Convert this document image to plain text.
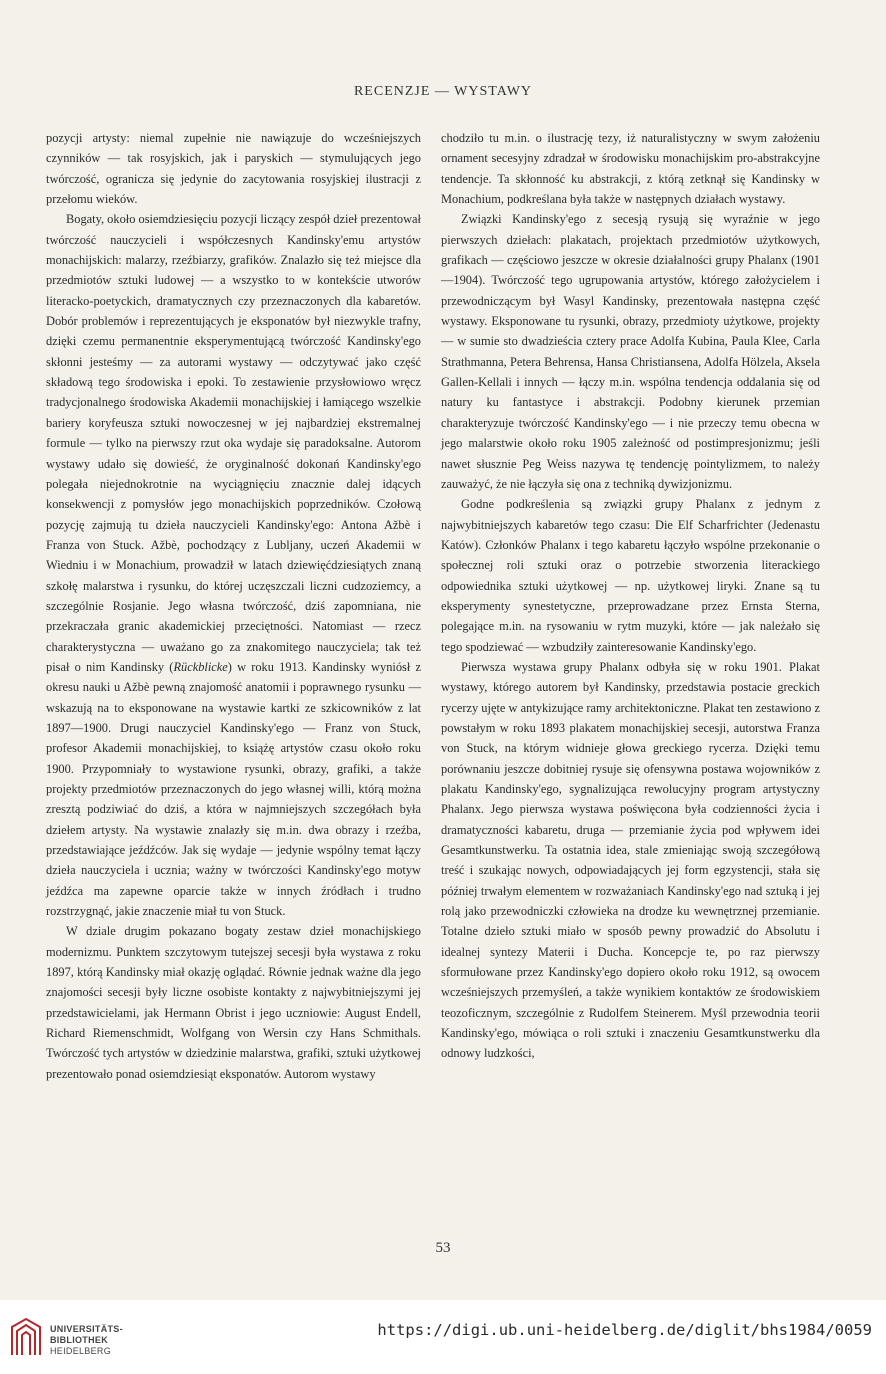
RECENZJE — WYSTAWY

pozycji artysty: niemal zupełnie nie nawiązuje do wcześniejszych czynników — tak rosyjskich, jak i paryskich — stymulujących jego twórczość, ogranicza się jedynie do zacytowania rosyjskiej ilustracji z przełomu wieków.

Bogaty, około osiemdziesięciu pozycji liczący zespół dzieł prezentował twórczość nauczycieli i współczesnych Kandinsky'emu artystów monachijskich: malarzy, rzeźbiarzy, grafików. Znalazło się też miejsce dla przedmiotów sztuki ludowej — a wszystko to w kontekście utworów literacko-poetyckich, dramatycznych czy przeznaczonych dla kabaretów. Dobór problemów i reprezentujących je eksponatów był niezwykle trafny, dzięki czemu permanentnie eksperymentującą twórczość Kandinsky'ego skłonni jesteśmy — za autorami wystawy — odczytywać jako część składową tego środowiska i epoki. To zestawienie przysłowiowo wręcz tradycjonalnego środowiska Akademii monachijskiej i łamiącego wszelkie bariery koryfeusza sztuki nowoczesnej w jej najbardziej ekstremalnej formule — tylko na pierwszy rzut oka wydaje się paradoksalne. Autorom wystawy udało się dowieść, że oryginalność dokonań Kandinsky'ego polegała niejednokrotnie na wyciągnięciu znacznie dalej idących konsekwencji z pomysłów jego monachijskich poprzedników. Czołową pozycję zajmują tu dzieła nauczycieli Kandinsky'ego: Antona Ažbè i Franza von Stuck. Ažbè, pochodzący z Lublјany, uczeń Akademii w Wiedniu i w Monachium, prowadził w latach dziewięćdziesiątych znaną szkołę malarstwa i rysunku, do której uczęszczali liczni cudzoziemcy, a szczególnie Rosjanie. Jego własna twórczość, dziś zapomniana, nie przekraczała granic akademickiej przeciętności. Natomiast — rzecz charakterystyczna — uważano go za znakomitego nauczyciela; tak też pisał o nim Kandinsky (Rückblicke) w roku 1913. Kandinsky wyniósł z okresu nauki u Ažbè pewną znajomość anatomii i poprawnego rysunku — wskazują na to eksponowane na wystawie kartki ze szkicowników z lat 1897—1900. Drugi nauczyciel Kandinsky'ego — Franz von Stuck, profesor Akademii monachijskiej, to książę artystów czasu około roku 1900. Przypomniały to wystawione rysunki, obrazy, grafiki, a także projekty przedmiotów przeznaczonych do jego własnej willi, którą można zresztą podziwiać do dziś, a która w najmniejszych szczegółach była dziełem artysty. Na wystawie znalazły się m.in. dwa obrazy i rzeźba, przedstawiające jeźdźców. Jak się wydaje — jedynie wspólny temat łączy dzieła nauczyciela i ucznia; ważny w twórczości Kandinsky'ego motyw jeźdźca ma zapewne oparcie także w innych źródłach i trudno rozstrzygnąć, jakie znaczenie miał tu von Stuck.

W dziale drugim pokazano bogaty zestaw dzieł monachijskiego modernizmu. Punktem szczytowym tutejszej secesji była wystawa z roku 1897, którą Kandinsky miał okazję oglądać. Równie jednak ważne dla jego znajomości secesji były liczne osobiste kontakty z najwybitniejszymi jej przedstawicielami, jak Hermann Obrist i jego uczniowie: August Endell, Richard Riemenschmidt, Wolfgang von Wersin czy Hans Schmithals. Twórczość tych artystów w dziedzinie malarstwa, grafiki, sztuki użytkowej prezentowało ponad osiemdziesiąt eksponatów. Autorom wystawy

chodziło tu m.in. o ilustrację tezy, iż naturalistyczny w swym założeniu ornament secesyjny zdradzał w środowisku monachijskim pro-abstrakcyjne tendencje. Ta skłonność ku abstrakcji, z którą zetknął się Kandinsky w Monachium, podkreślana była także w następnych działach wystawy.

Związki Kandinsky'ego z secesją rysują się wyraźnie w jego pierwszych dziełach: plakatach, projektach przedmiotów użytkowych, grafikach — częściowo jeszcze w okresie działalności grupy Phalanx (1901—1904). Twórczość tego ugrupowania artystów, którego założycielem i przewodniczącym był Wasyl Kandinsky, prezentowała następna część wystawy. Eksponowane tu rysunki, obrazy, przedmioty użytkowe, projekty — w sumie sto dwadzieścia cztery prace Adolfa Kubina, Paula Klee, Carla Strathmanna, Petera Behrensa, Hansa Christiansena, Adolfa Hölzela, Aksela Gallen-Kellali i innych — łączy m.in. wspólna tendencja oddalania się od natury ku fantastyce i abstrakcji. Podobny kierunek przemian charakteryzuje twórczość Kandinsky'ego — i nie przeczy temu obecna w jego malarstwie około roku 1905 zależność od postimpresjonizmu; jeśli nawet słusznie Peg Weiss nazywa tę tendencję pointylizmem, to należy zauważyć, że nie łączyła się ona z techniką dywizjonizmu.

Godne podkreślenia są związki grupy Phalanx z jednym z najwybitniejszych kabaretów tego czasu: Die Elf Scharfrichter (Jedenastu Katów). Członków Phalanx i tego kabaretu łączyło wspólne przekonanie o społecznej roli sztuki oraz o potrzebie stworzenia literackiego odpowiednika sztuki użytkowej — np. użytkowej liryki. Znane są tu eksperymenty synestetyczne, przeprowadzane przez Ernsta Sterna, polegające m.in. na rysowaniu w rytm muzyki, które — jak należało się tego spodziewać — wzbudziły zainteresowanie Kandinsky'ego.

Pierwsza wystawa grupy Phalanx odbyła się w roku 1901. Plakat wystawy, którego autorem był Kandinsky, przedstawia postacie greckich rycerzy ujęte w antykizujące ramy architektoniczne. Plakat ten zestawiono z powstałym w roku 1893 plakatem monachijskiej secesji, autorstwa Franza von Stuck, na którym widnieje głowa greckiego rycerza. Dzięki temu porównaniu jeszcze dobitniej rysuje się ofensywna postawa wojowników z plakatu Kandinsky'ego, sygnalizująca rewolucyjny program artystyczny Phalanx. Jego pierwsza wystawa poświęcona była codzienności życia i dramatyczności kabaretu, druga — przemianie życia pod wpływem idei Gesamtkunstwerku. Ta ostatnia idea, stale zmieniając swoją szczegółową treść i szukając nowych, odpowiadających jej form egzystencji, stała się później trwałym elementem w rozważaniach Kandinsky'ego nad sztuką i jej rolą jako przewodniczki człowieka na drodze ku wewnętrznej przemianie. Totalne dzieło sztuki miało w sposób pewny prowadzić do Absolutu i idealnej syntezy Materii i Ducha. Koncepcje te, po raz pierwszy sformułowane przez Kandinsky'ego dopiero około roku 1912, są owocem wcześniejszych przemyśleń, a także wynikiem kontaktów ze środowiskiem teozoficznym, szczególnie z Rudolfem Steinerem. Myśl przewodnia teorii Kandinsky'ego, mówiąca o roli sztuki i znaczeniu Gesamtkunstwerku dla odnowy ludzkości,

53
UNIVERSITÄTS-
BIBLIOTHEK
HEIDELBERG
https://digi.ub.uni-heidelberg.de/diglit/bhs1984/0059
